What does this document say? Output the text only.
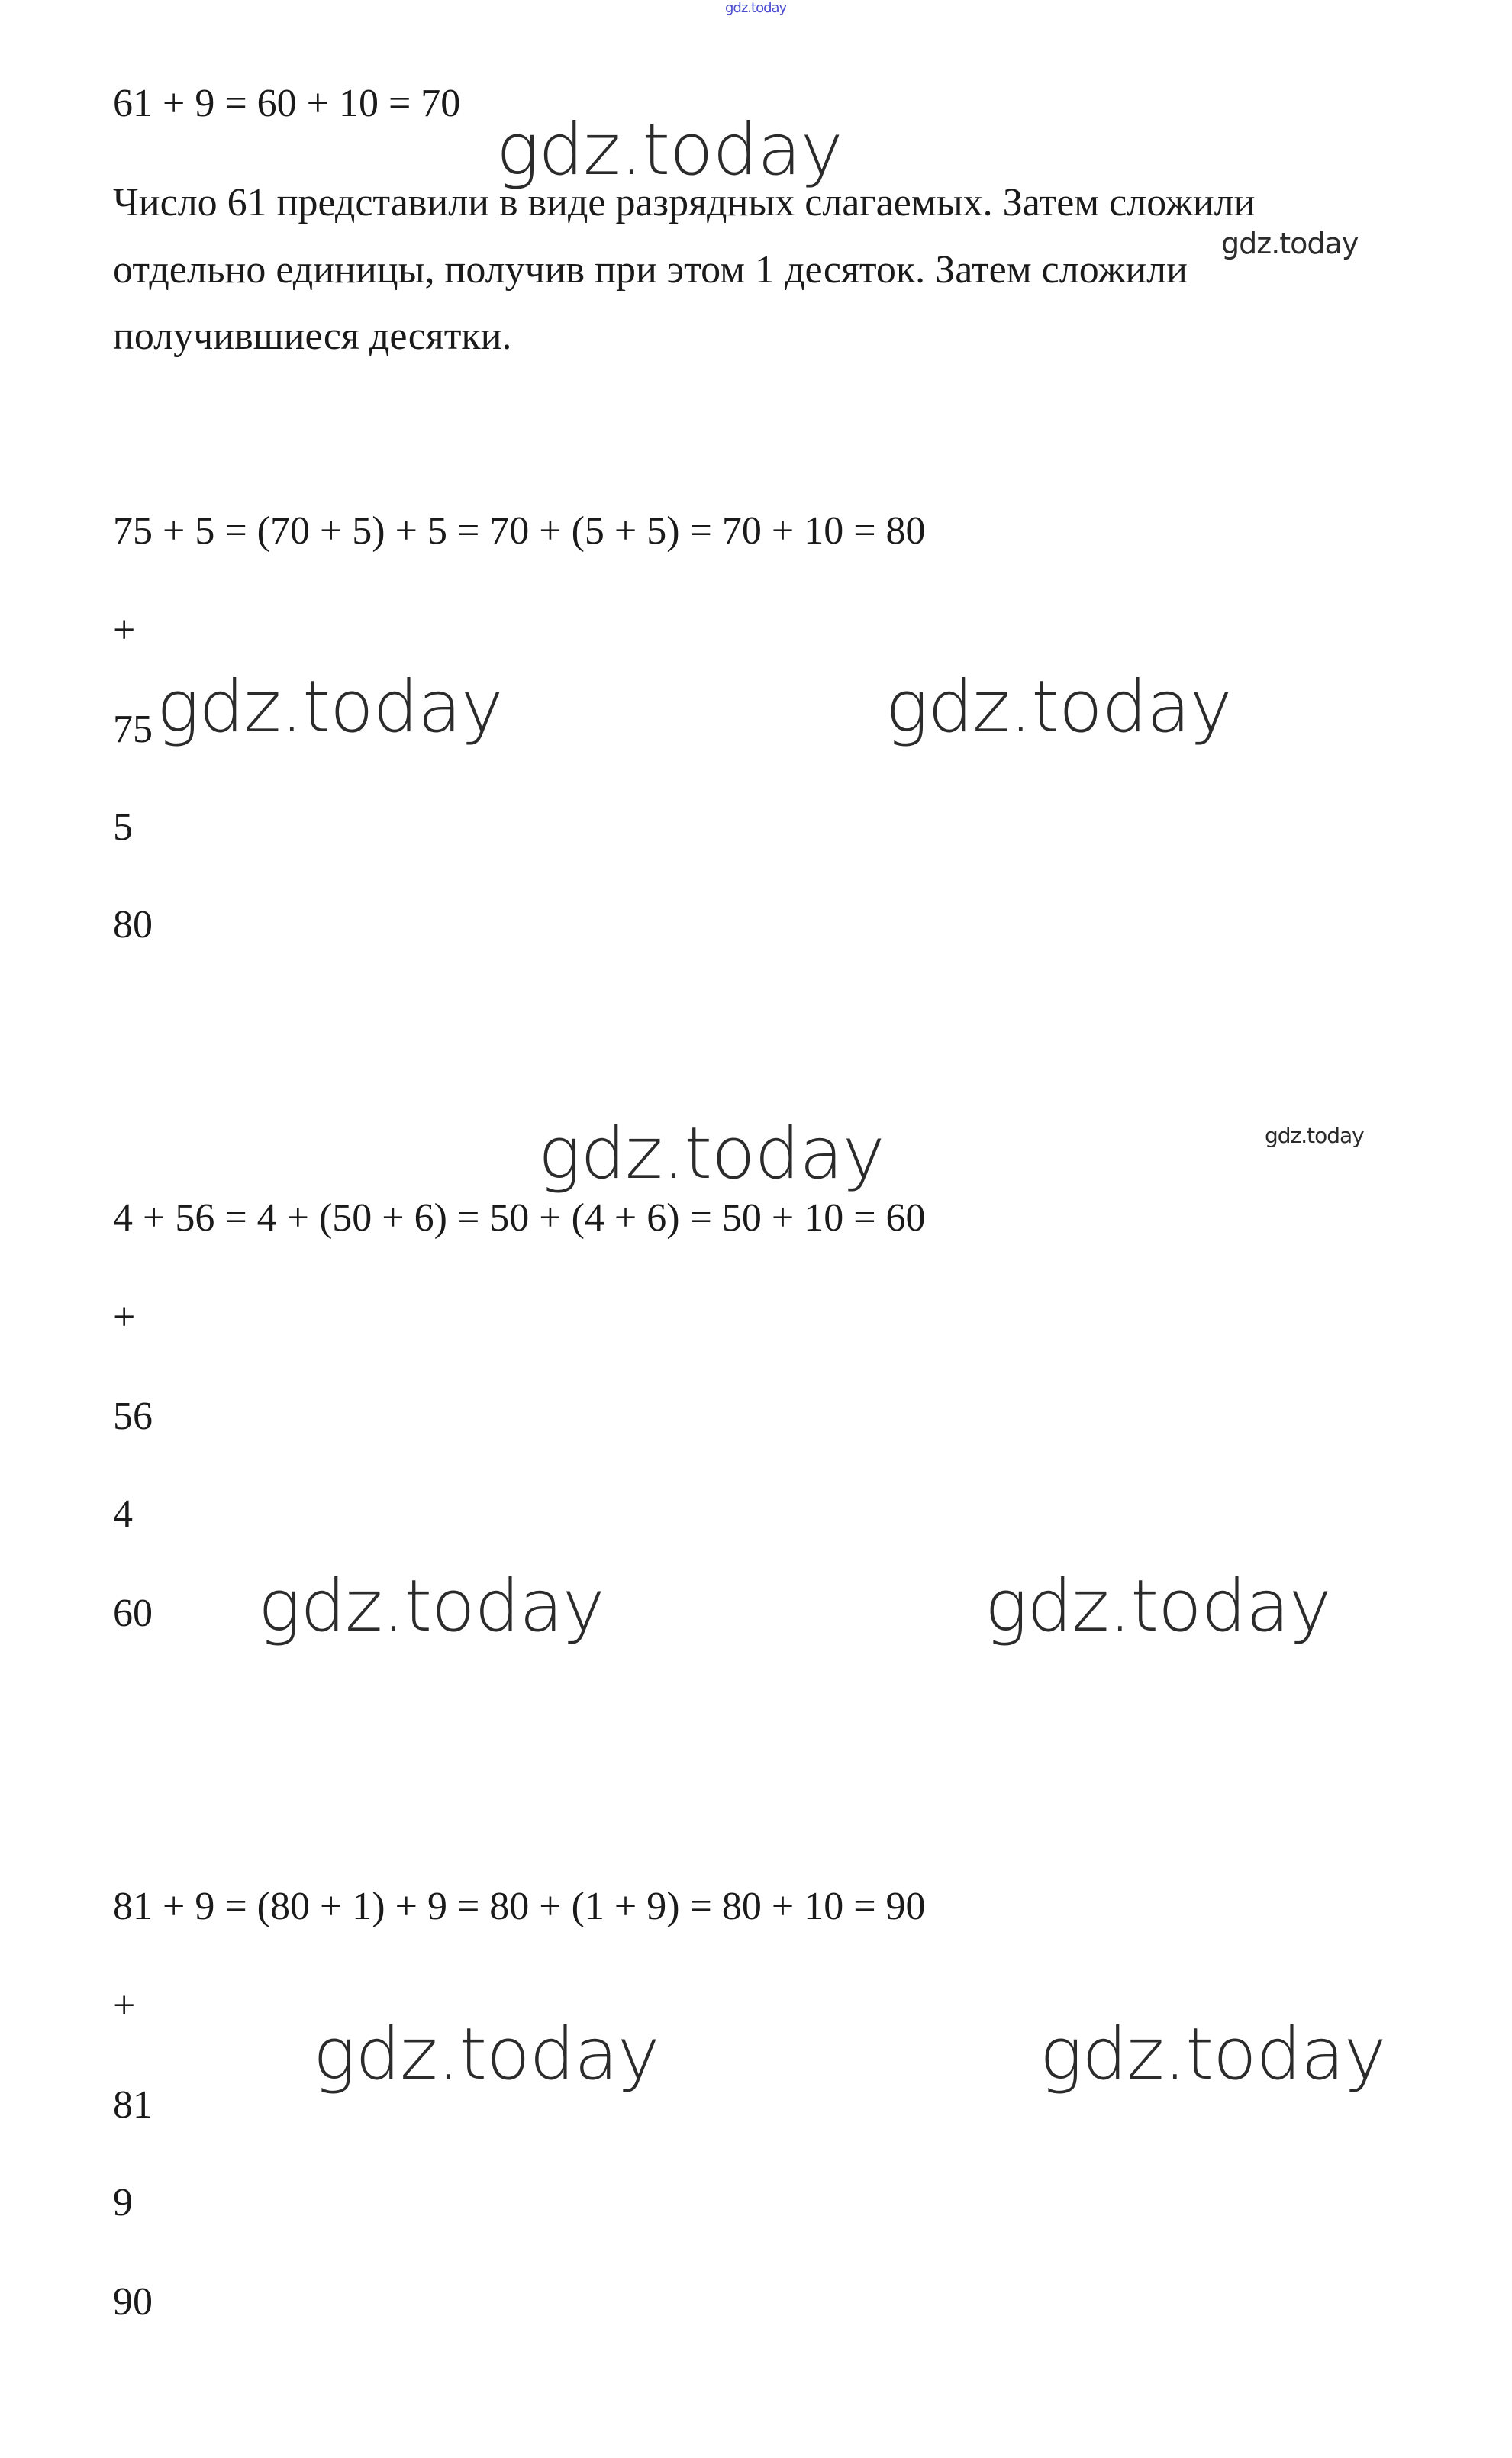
gdz.today
61 + 9 = 60 + 10 = 70
gdz.today
Число 61 представили в виде разрядных слагаемых. Затем сложили
gdz.today
отдельно единицы, получив при этом 1 десяток. Затем сложили
получившиеся десятки.
75 + 5 = (70 + 5) + 5 = 70 + (5 + 5) = 70 + 10 = 80
+
75 gdz.today	gdz.today
5
80
gdz.today	gdz.today
4 + 56 = 4 + (50 + 6) = 50 + (4 + 6) = 50 + 10 = 60
+
56
4
60 gdz.today	gdz.today
81 + 9 = (80 + 1) + 9 = 80 + (1 + 9) = 80 + 10 = 90
+
gdz.today	gdz.today
81
9
90
